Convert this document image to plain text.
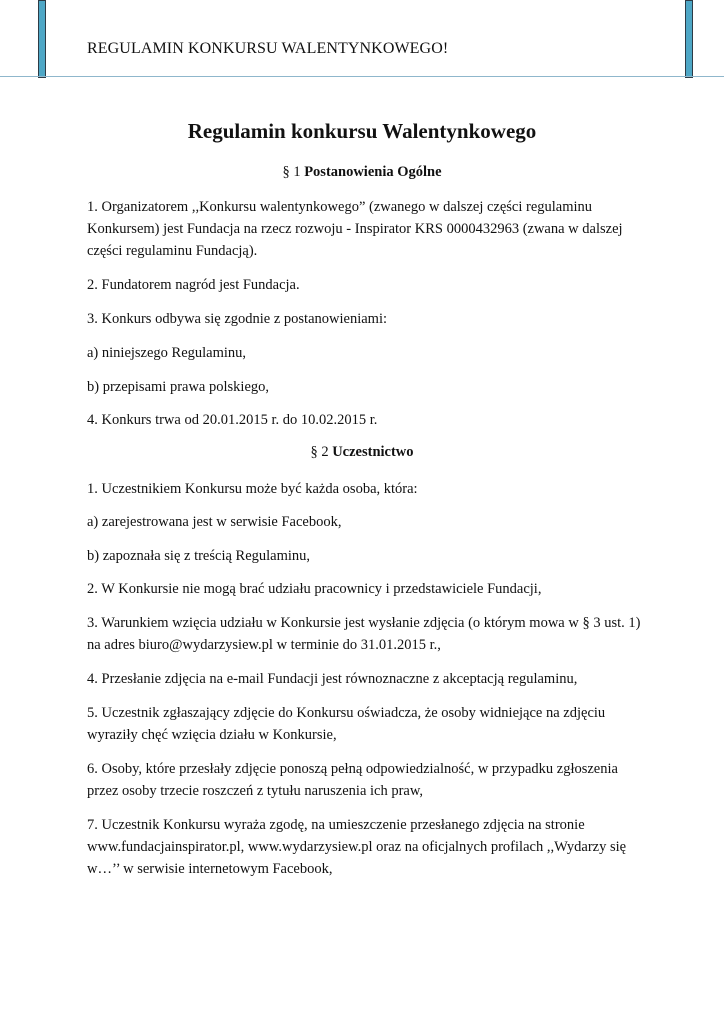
REGULAMIN KONKURSU WALENTYNKOWEGO!
Regulamin konkursu Walentynkowego
§ 1 Postanowienia Ogólne
1. Organizatorem ,,Konkursu walentynkowego” (zwanego w dalszej części regulaminu Konkursem) jest Fundacja na rzecz rozwoju - Inspirator KRS 0000432963 (zwana w dalszej części regulaminu Fundacją).
2. Fundatorem nagród jest Fundacja.
3. Konkurs odbywa się zgodnie z postanowieniami:
a) niniejszego Regulaminu,
b) przepisami prawa polskiego,
4. Konkurs trwa od 20.01.2015 r. do 10.02.2015 r.
§ 2 Uczestnictwo
1. Uczestnikiem Konkursu może być każda osoba, która:
a) zarejestrowana jest w serwisie Facebook,
b) zapoznała się z treścią Regulaminu,
2. W Konkursie nie mogą brać udziału pracownicy i przedstawiciele Fundacji,
3. Warunkiem wzięcia udziału w Konkursie jest wysłanie zdjęcia (o którym mowa w § 3 ust. 1) na adres biuro@wydarzysiew.pl w terminie do 31.01.2015 r.,
4. Przesłanie zdjęcia na e-mail Fundacji jest równoznaczne z akceptacją regulaminu,
5. Uczestnik zgłaszający zdjęcie do Konkursu oświadcza, że osoby widniejące na zdjęciu wyraziły chęć wzięcia działu w Konkursie,
6. Osoby, które przesłały zdjęcie ponoszą pełną odpowiedzialność, w przypadku zgłoszenia przez osoby trzecie roszczeń z tytułu naruszenia ich praw,
7. Uczestnik Konkursu wyraża zgodę, na umieszczenie przesłanego zdjęcia na stronie www.fundacjainspirator.pl, www.wydarzysiew.pl oraz na oficjalnych profilach ,,Wydarzy się w…’’ w serwisie internetowym Facebook,
